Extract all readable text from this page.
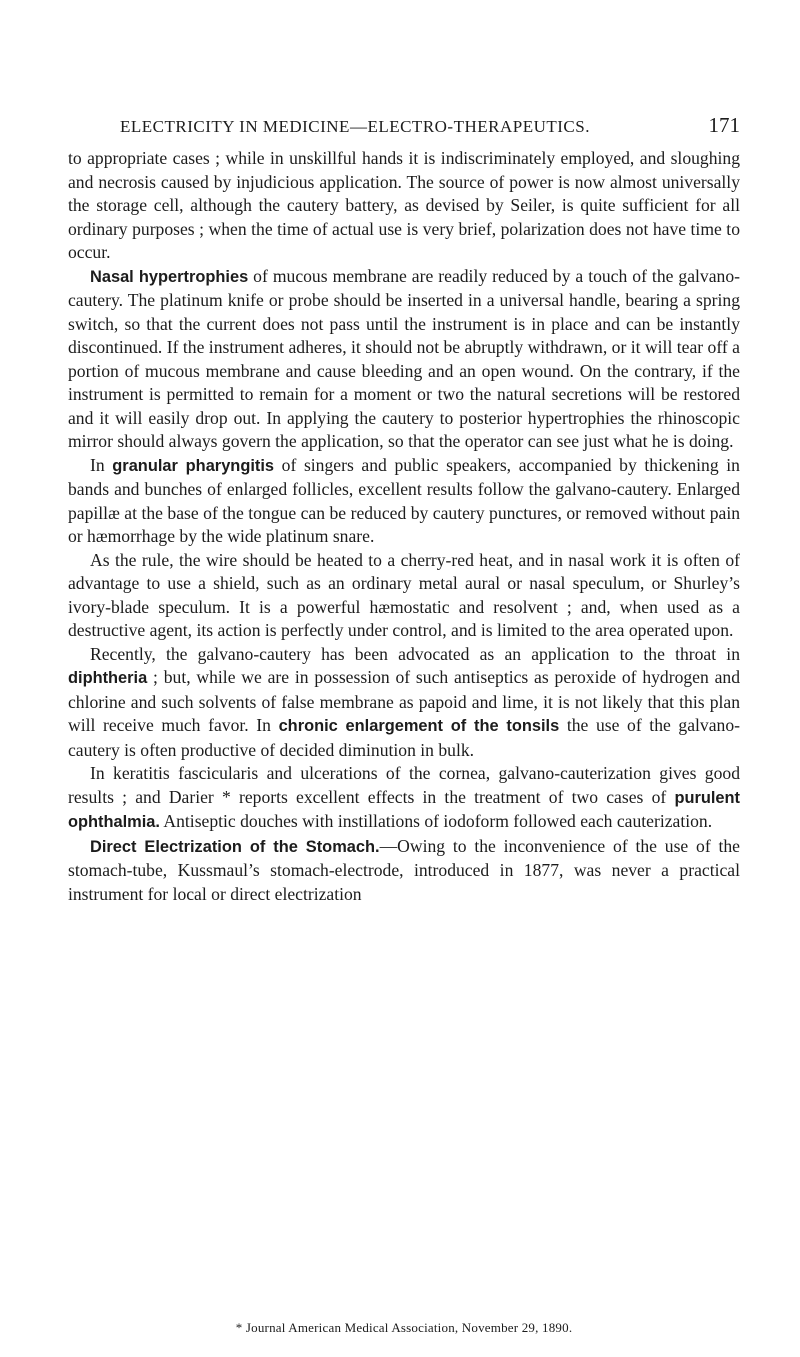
ELECTRICITY IN MEDICINE—ELECTRO-THERAPEUTICS.	171

to appropriate cases ; while in unskillful hands it is indiscriminately employed, and sloughing and necrosis caused by injudicious application. The source of power is now almost universally the storage cell, although the cautery battery, as devised by Seiler, is quite sufficient for all ordinary purposes ; when the time of actual use is very brief, polarization does not have time to occur.

Nasal hypertrophies of mucous membrane are readily reduced by a touch of the galvano-cautery. The platinum knife or probe should be inserted in a universal handle, bearing a spring switch, so that the current does not pass until the instrument is in place and can be instantly discontinued. If the instrument adheres, it should not be abruptly withdrawn, or it will tear off a portion of mucous membrane and cause bleeding and an open wound. On the contrary, if the instrument is permitted to remain for a moment or two the natural secretions will be restored and it will easily drop out. In applying the cautery to posterior hypertrophies the rhinoscopic mirror should always govern the application, so that the operator can see just what he is doing.

In granular pharyngitis of singers and public speakers, accompanied by thickening in bands and bunches of enlarged follicles, excellent results follow the galvano-cautery. Enlarged papillæ at the base of the tongue can be reduced by cautery punctures, or removed without pain or hæmorrhage by the wide platinum snare.

As the rule, the wire should be heated to a cherry-red heat, and in nasal work it is often of advantage to use a shield, such as an ordinary metal aural or nasal speculum, or Shurley’s ivory-blade speculum. It is a powerful hæmostatic and resolvent ; and, when used as a destructive agent, its action is perfectly under control, and is limited to the area operated upon.

Recently, the galvano-cautery has been advocated as an application to the throat in diphtheria ; but, while we are in possession of such antiseptics as peroxide of hydrogen and chlorine and such solvents of false membrane as papoid and lime, it is not likely that this plan will receive much favor. In chronic enlargement of the tonsils the use of the galvano-cautery is often productive of decided diminution in bulk.

In keratitis fascicularis and ulcerations of the cornea, galvano-cauterization gives good results ; and Darier * reports excellent effects in the treatment of two cases of purulent ophthalmia. Antiseptic douches with instillations of iodoform followed each cauterization.

Direct Electrization of the Stomach.—Owing to the inconvenience of the use of the stomach-tube, Kussmaul’s stomach-electrode, introduced in 1877, was never a practical instrument for local or direct electrization

* Journal American Medical Association, November 29, 1890.
